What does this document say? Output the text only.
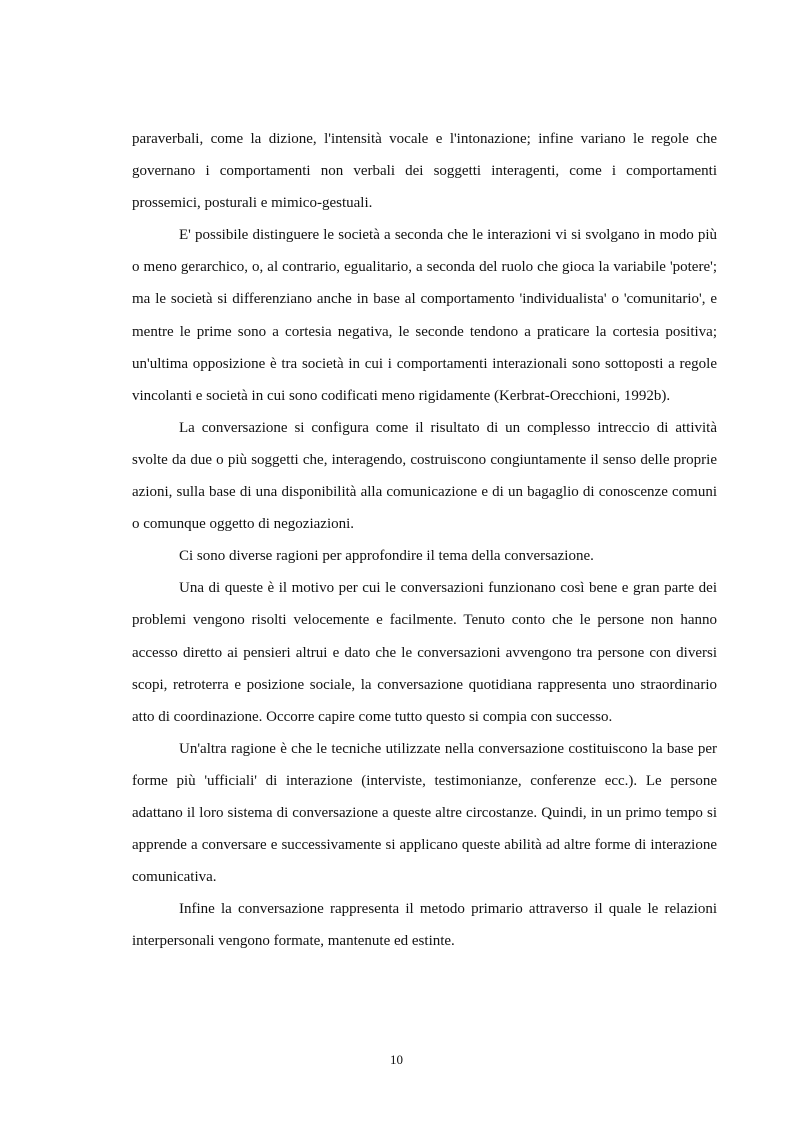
paraverbali, come la dizione, l'intensità vocale e l'intonazione; infine variano le regole che governano i comportamenti non verbali dei soggetti interagenti, come i comportamenti prossemici, posturali e mimico-gestuali.

E' possibile distinguere le società a seconda che le interazioni vi si svolgano in modo più o meno gerarchico, o, al contrario, egualitario, a seconda del ruolo che gioca la variabile 'potere'; ma le società si differenziano anche in base al comportamento 'individualista' o 'comunitario', e mentre le prime sono a cortesia negativa, le seconde tendono a praticare la cortesia positiva; un'ultima opposizione è tra società in cui i comportamenti interazionali sono sottoposti a regole vincolanti e società in cui sono codificati meno rigidamente (Kerbrat-Orecchioni, 1992b).

La conversazione si configura come il risultato di un complesso intreccio di attività svolte da due o più soggetti che, interagendo, costruiscono congiuntamente il senso delle proprie azioni, sulla base di una disponibilità alla comunicazione e di un bagaglio di conoscenze comuni o comunque oggetto di negoziazioni.

Ci sono diverse ragioni per approfondire il tema della conversazione.

Una di queste è il motivo per cui le conversazioni funzionano così bene e gran parte dei problemi vengono risolti velocemente e facilmente. Tenuto conto che le persone non hanno accesso diretto ai pensieri altrui e dato che le conversazioni avvengono tra persone con diversi scopi, retroterra e posizione sociale, la conversazione quotidiana rappresenta uno straordinario atto di coordinazione. Occorre capire come tutto questo si compia con successo.

Un'altra ragione è che le tecniche utilizzate nella conversazione costituiscono la base per forme più 'ufficiali' di interazione (interviste, testimonianze, conferenze ecc.). Le persone adattano il loro sistema di conversazione a queste altre circostanze. Quindi, in un primo tempo si apprende a conversare e successivamente si applicano queste abilità ad altre forme di interazione comunicativa.

Infine la conversazione rappresenta il metodo primario attraverso il quale le relazioni interpersonali vengono formate, mantenute ed estinte.

10
